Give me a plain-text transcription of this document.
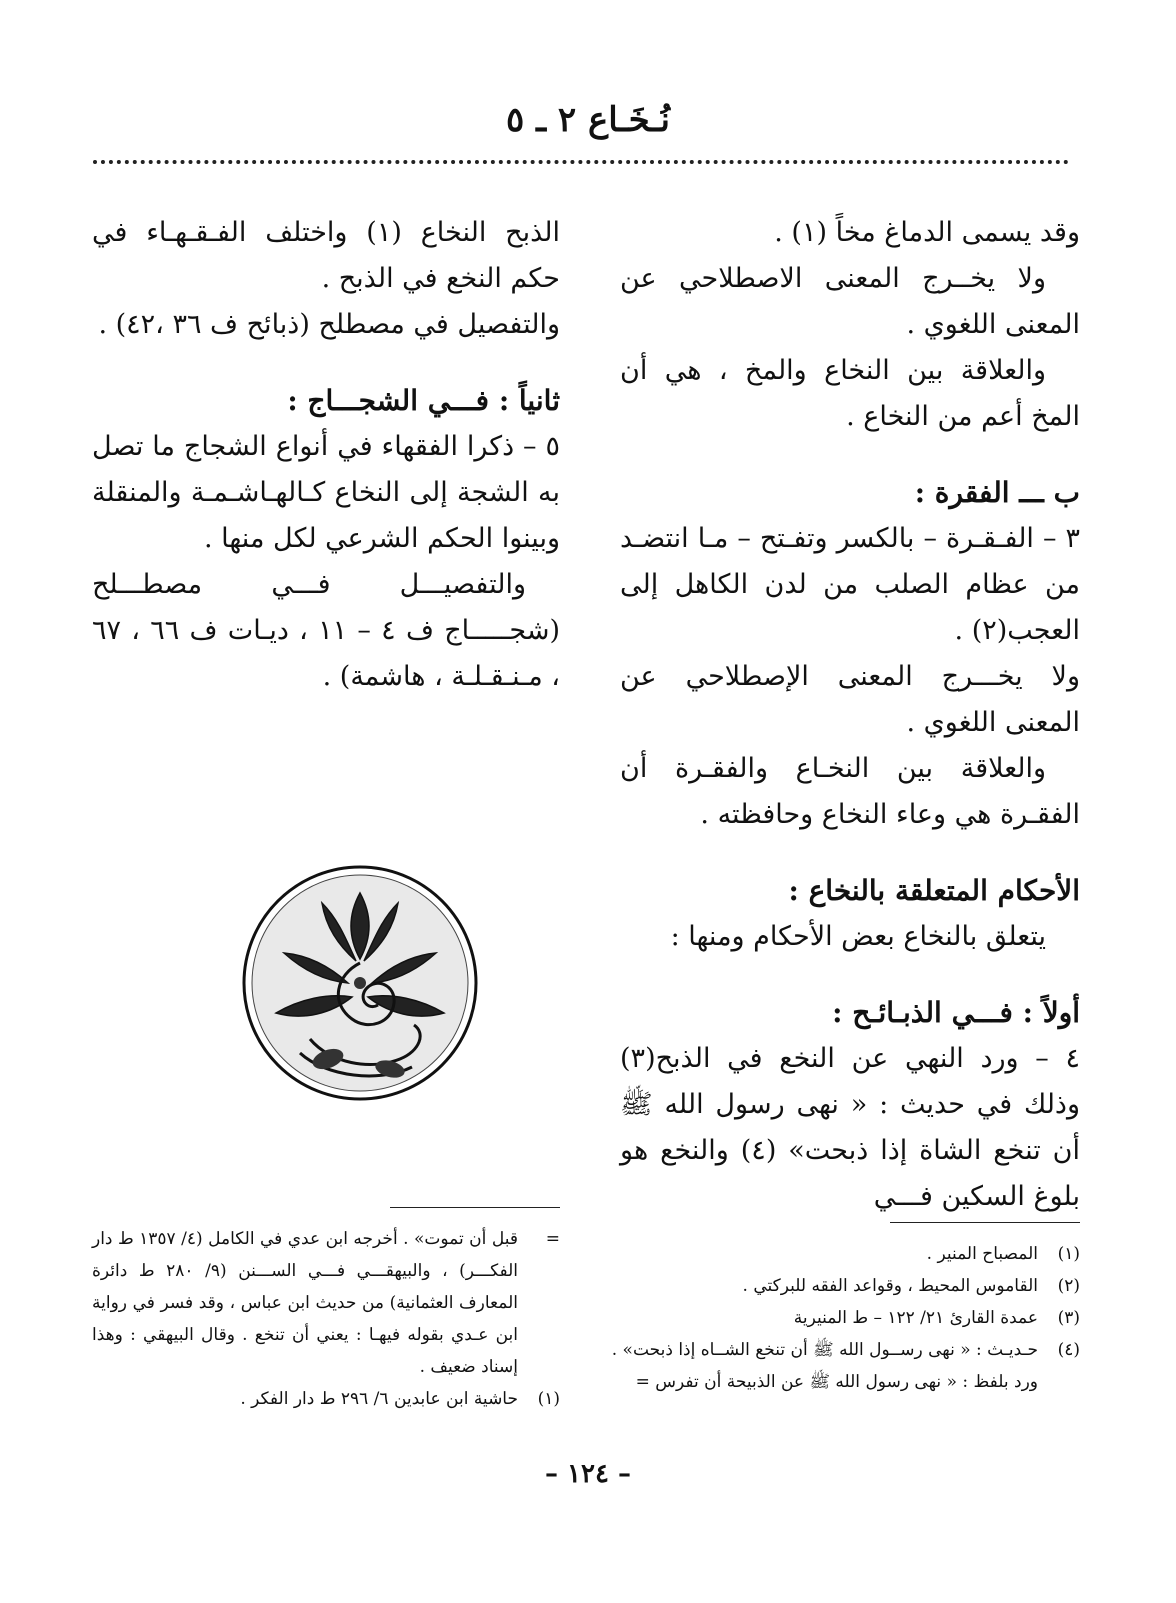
نُـخَـاع ٢ ـ ٥

وقد يسمى الدماغ مخاً (١) .

ولا يخــرج المعنى الاصطلاحي عن المعنى اللغوي .

والعلاقة بين النخاع والمخ ، هي أن المخ أعم من النخاع .

ب ـــ الفقرة :

٣ – الفـقـرة – بالكسر وتفـتح – مـا انتضـد من عظام الصلب من لدن الكاهل إلى العجب(٢) .

ولا يخـــرج المعنى الإصطلاحي عن المعنى اللغوي .

والعلاقة بين النخـاع والفقـرة أن الفقـرة هي وعاء النخاع وحافظته .

الأحكام المتعلقة بالنخاع :

يتعلق بالنخاع بعض الأحكام ومنها :

أولاً : فـــي الذبـائـح :

٤ – ورد النهي عن النخع في الذبح(٣) وذلك في حديث : « نهى رسول الله ﷺ أن تنخع الشاة إذا ذبحت» (٤) والنخع هو بلوغ السكين فـــي

الذبح النخاع (١) واختلف الفـقـهـاء في حكم النخع في الذبح .

والتفصيل في مصطلح (ذبائح ف ٣٦ ،٤٢) .

ثانياً : فـــي الشجـــاج :

٥ – ذكرا الفقهاء في أنواع الشجاج ما تصل به الشجة إلى النخاع كـالهـاشـمـة والمنقلة وبينوا الحكم الشرعي لكل منها .

والتفصيـــل فـــي مصطـــلح (شجـــــاج ف ٤ – ١١ ، ديـات ف ٦٦ ، ٦٧ ، مـنـقـلـة ، هاشمة) .

(١)
المصباح المنير .
(٢)
القاموس المحيط ، وقواعد الفقه للبركتي .
(٣)
عمدة القارئ ٢١/ ١٢٢ – ط المنيرية
(٤)
حـديـث : « نهى رســول الله ﷺ أن تنخع الشــاه إذا ذبحت» .
ورد بلفظ : « نهى رسول الله ﷺ عن الذبيحة أن تفرس =
=
قبل أن تموت» . أخرجه ابن عدي في الكامل (٤/ ١٣٥٧ ط دار الفكـــر) ، والبيهقـــي فـــي الســـنن (٩/ ٢٨٠ ط دائرة المعارف العثمانية) من حديث ابن عباس ، وقد فسر في رواية ابن عـدي بقوله فيهـا : يعني أن تنخع . وقال البيهقي : وهذا إسناد ضعيف .
(١)
حاشية ابن عابدين ٦/ ٢٩٦ ط دار الفكر .
– ١٢٤ –
